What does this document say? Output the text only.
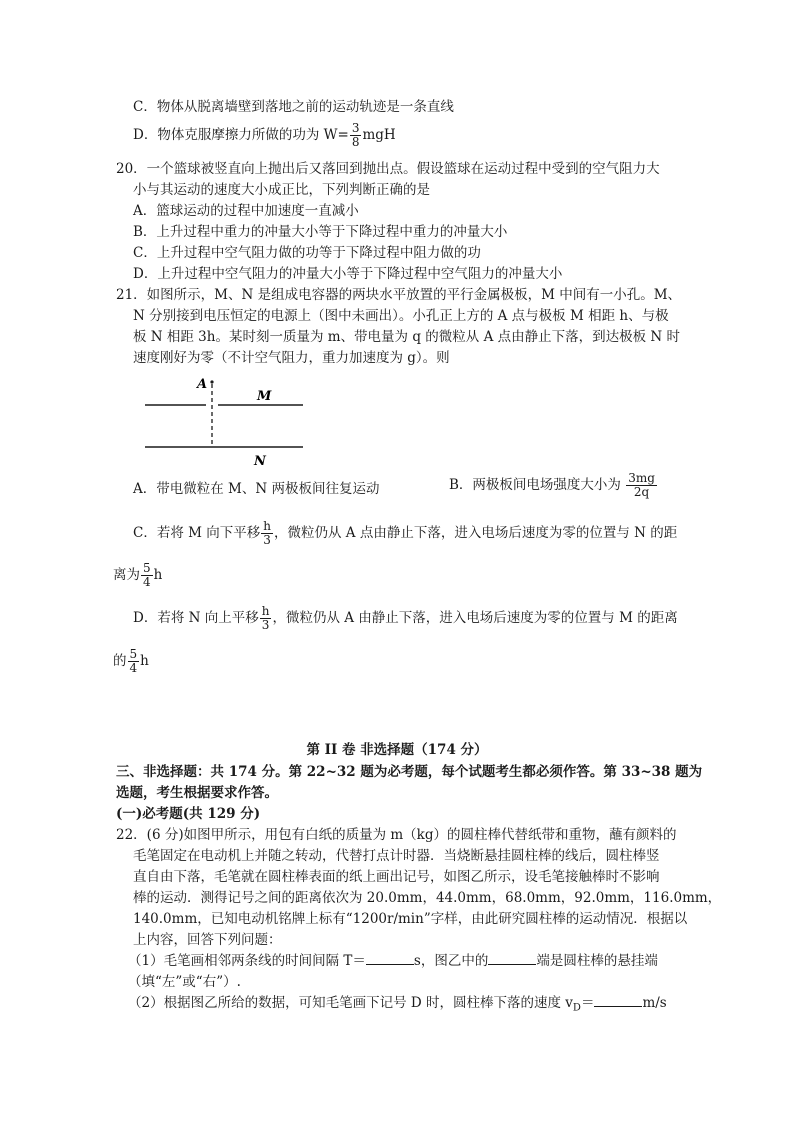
C．物体从脱离墙壁到落地之前的运动轨迹是一条直线
D．物体克服摩擦力所做的功为 $W= \frac{3}{8}$ mgH
20．一个篮球被竖直向上抛出后又落回到抛出点。假设篮球在运动过程中受到的空气阻力大
小与其运动的速度大小成正比，下列判断正确的是
A．篮球运动的过程中加速度一直减小
B．上升过程中重力的冲量大小等于下降过程中重力的冲量大小
C．上升过程中空气阻力做的功等于下降过程中阻力做的功
D．上升过程中空气阻力的冲量大小等于下降过程中空气阻力的冲量大小
21．如图所示，M、N 是组成电容器的两块水平放置的平行金属极板，M 中间有一小孔。M、
N 分别接到电压恒定的电源上（图中未画出）。小孔正上方的 A 点与极板 M 相距 h、与极
板 N 相距 3h。某时刻一质量为 m、带电量为 q 的微粒从 A 点由静止下落，到达极板 N 时
速度刚好为零（不计空气阻力，重力加速度为 g）。则
A
M
N
A．带电微粒在 M、N 两极板间往复运动	B．两极板间电场强度大小为 $\frac{3mg}{2q}$
C．若将 M 向下平移 $\frac{h}{3}$ ，微粒仍从 A 点由静止下落，进入电场后速度为零的位置与 N 的距
离为 $\frac{5}{4}$ h
D．若将 N 向上平移 $\frac{h}{3}$ ，微粒仍从 A 由静止下落，进入电场后速度为零的位置与 M 的距离
的 $\frac{5}{4}$ h
第 II 卷 非选择题（174 分）
三、非选择题：共 174 分。第 22~32 题为必考题，每个试题考生都必须作答。第 33~38 题为
选题，考生根据要求作答。
(一)必考题(共 129 分)
22．(6 分)如图甲所示，用包有白纸的质量为 m（kg）的圆柱棒代替纸带和重物，蘸有颜料的
毛笔固定在电动机上并随之转动，代替打点计时器．当烧断悬挂圆柱棒的线后，圆柱棒竖
直自由下落，毛笔就在圆柱棒表面的纸上画出记号，如图乙所示，设毛笔接触棒时不影响
棒的运动．测得记号之间的距离依次为 20.0mm，44.0mm，68.0mm，92.0mm，116.0mm，
140.0mm，已知电动机铭牌上标有“1200r/min”字样，由此研究圆柱棒的运动情况．根据以
上内容，回答下列问题：
（1）毛笔画相邻两条线的时间间隔 T＝	s，图乙中的	端是圆柱棒的悬挂端
（填“左”或“右”）.
（2）根据图乙所给的数据，可知毛笔画下记号 D 时，圆柱棒下落的速度 $v_D=$	m/s
